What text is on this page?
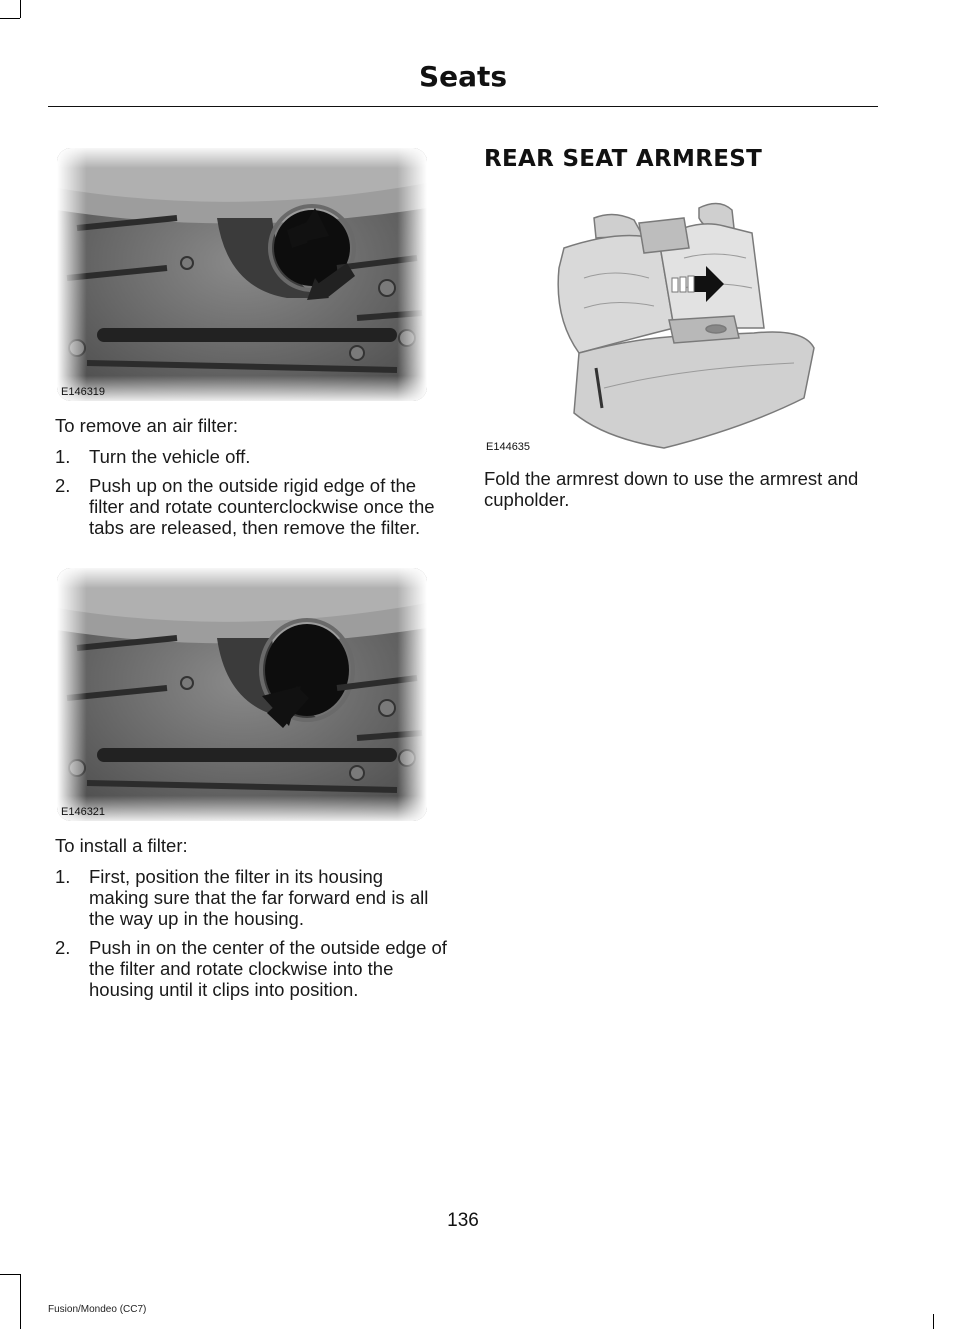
Seats
E146319
To remove an air filter:
1. Turn the vehicle off.
2. Push up on the outside rigid edge of the filter and rotate counterclockwise once the tabs are released, then remove the filter.
E146321
To install a filter:
1. First, position the filter in its housing making sure that the far forward end is all the way up in the housing.
2. Push in on the center of the outside edge of the filter and rotate clockwise into the housing until it clips into position.
REAR SEAT ARMREST
E144635
Fold the armrest down to use the armrest and cupholder.
136
Fusion/Mondeo (CC7)
